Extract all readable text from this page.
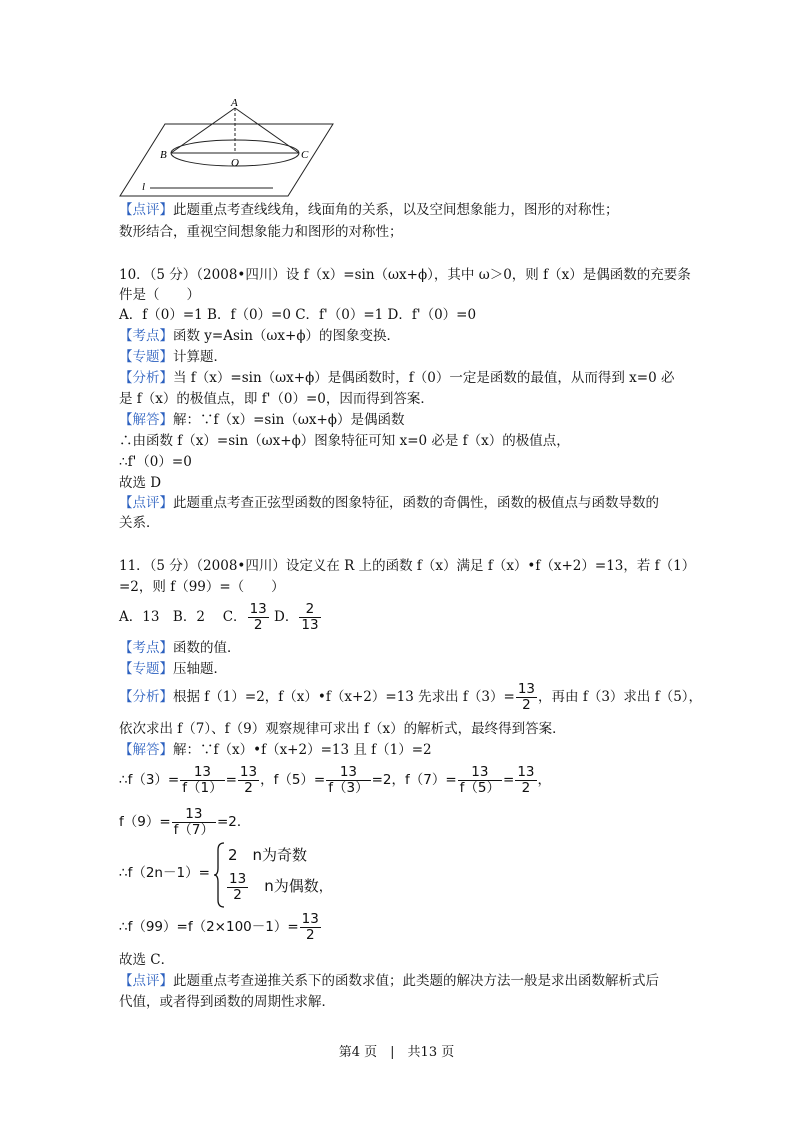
A
B
O
C
l
【点评】此题重点考查线线角，线面角的关系，以及空间想象能力，图形的对称性；
数形结合，重视空间想象能力和图形的对称性；
10．（5 分）（2008•四川）设 f（x）=sin（ωx+ϕ），其中 ω＞0，则 f（x）是偶函数的充要条
件是（　　）
A．f（0）=1 B．f（0）=0 C．f'（0）=1 D．f'（0）=0
【考点】函数 y=Asin（ωx+ϕ）的图象变换．
【专题】计算题．
【分析】当 f（x）=sin（ωx+ϕ）是偶函数时，f（0）一定是函数的最值，从而得到 x=0 必
是 f（x）的极值点，即 f'（0）=0，因而得到答案．
【解答】解：∵f（x）=sin（ωx+ϕ）是偶函数
∴由函数 f（x）=sin（ωx+ϕ）图象特征可知 x=0 必是 f（x）的极值点，
∴f'（0）=0
故选 D
【点评】此题重点考查正弦型函数的图象特征，函数的奇偶性，函数的极值点与函数导数的
关系．
11．（5 分）（2008•四川）设定义在 R 上的函数 f（x）满足 f（x）•f（x+2）=13，若 f（1）
=2，则 f（99）=（　　）
A．13　B．2　 C． $\frac{13}{2}$ D． $\frac{2}{13}$
【考点】函数的值．
【专题】压轴题．
【分析】根据 f（1）=2，f（x）•f（x+2）=13 先求出 $f(3)= \frac{13}{2}$ ，再由 f（3）求出 f（5），
依次求出 f（7）、f（9）观察规律可求出 f（x）的解析式，最终得到答案．
【解答】解：∵f（x）•f（x+2）=13 且 f（1）=2
∴f（3）= $\frac{13}{f(1)} = \frac{13}{2}$ ，$f(5)= \frac{13}{f(3)} =2$，$f(7)= \frac{13}{f(5)} = \frac{13}{2}$ ，
$f(9)= \frac{13}{f(7)} =2$．
∴f（2n－1）=
2　n为奇数
$\frac{13}{2}$ 　n为偶数，
∴f（99）=f（2×100－1）= $\frac{13}{2}$
故选 C．
【点评】此题重点考查递推关系下的函数求值；此类题的解决方法一般是求出函数解析式后
代值，或者得到函数的周期性求解．
第4 页　|　共13 页
